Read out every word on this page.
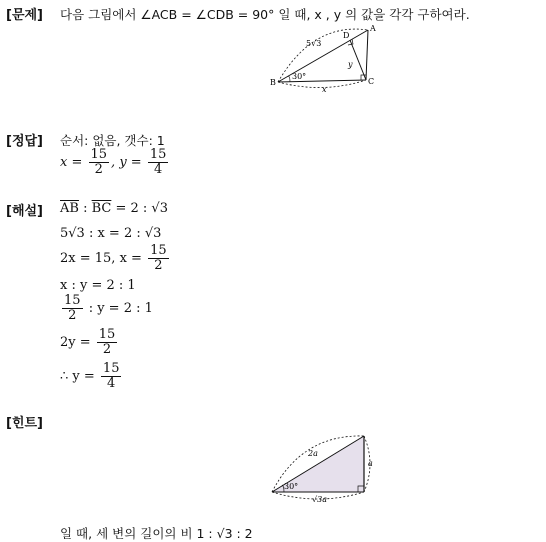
[문제] 다음 그림에서 ∠ACB = ∠CDB = 90° 일 때, x , y 의 값을 각각 구하여라.
A
B	C
D
5√3
30°
x
y
[정답] 순서: 없음, 갯수: 1
$x = \frac{15}{2}$ , $y = \frac{15}{4}$
[해설] $\overline{AB}$ : $\overline{BC} = 2$ : √3
5√3 : x = 2 : √3
2x = 15, $x = \frac{15}{2}$
x : y = 2 : 1
$\frac{15}{2}$ : y = 2 : 1
$2y = \frac{15}{2}$
∴ $y = \frac{15}{4}$
[힌트]
2a
a
√3a
30°
일 때, 세 변의 길이의 비 1 : √3 : 2
